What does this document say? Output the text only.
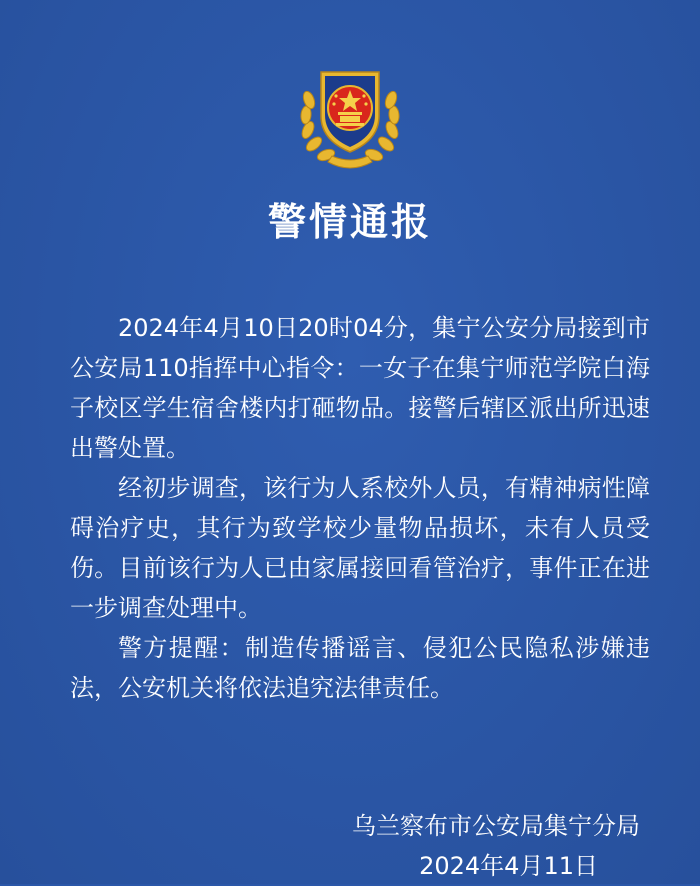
警情通报

2024年4月10日20时04分，集宁公安分局接到市公安局110指挥中心指令：一女子在集宁师范学院白海子校区学生宿舍楼内打砸物品。接警后辖区派出所迅速出警处置。

经初步调查，该行为人系校外人员，有精神病性障碍治疗史，其行为致学校少量物品损坏，未有人员受伤。目前该行为人已由家属接回看管治疗，事件正在进一步调查处理中。

警方提醒：制造传播谣言、侵犯公民隐私涉嫌违法，公安机关将依法追究法律责任。

乌兰察布市公安局集宁分局
2024年4月11日
